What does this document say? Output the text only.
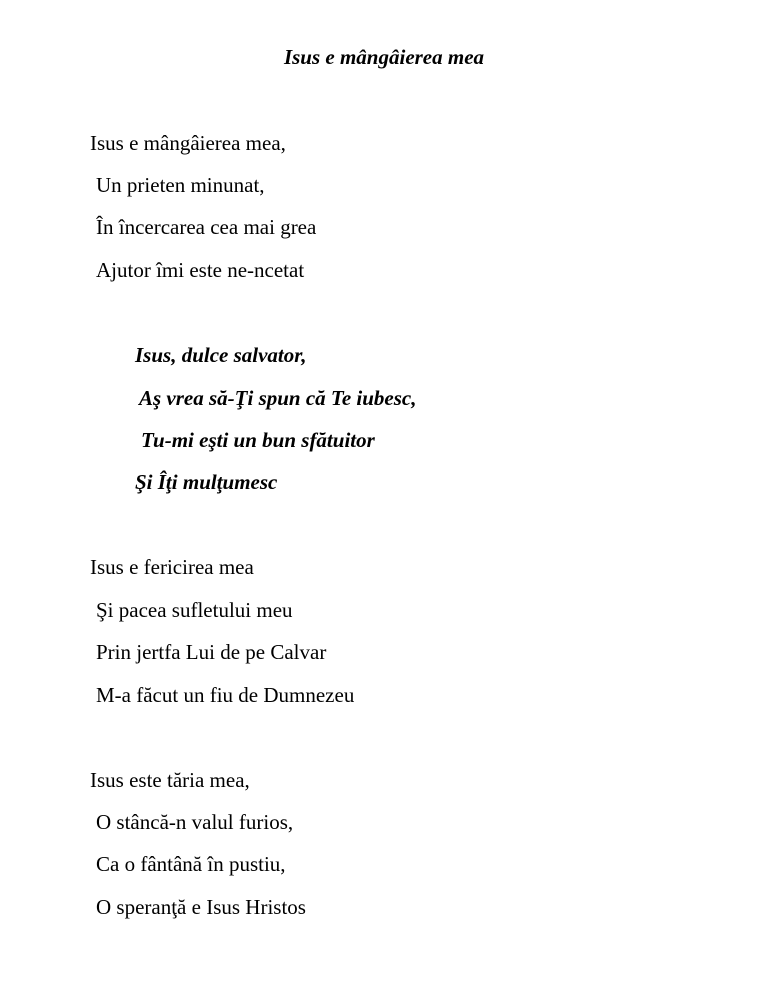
Isus e mângâierea mea

Isus e mângâierea mea,

Un prieten minunat,

În încercarea cea mai grea

Ajutor îmi este ne-ncetat

Isus, dulce salvator,

Aş vrea să-Ţi spun că Te iubesc,

Tu-mi eşti un bun sfătuitor

Şi Îţi mulţumesc

Isus e fericirea mea

Şi pacea sufletului meu

Prin jertfa Lui de pe Calvar

M-a făcut un fiu de Dumnezeu

Isus este tăria mea,

O stâncă-n valul furios,

Ca o fântână în pustiu,

O speranţă e Isus Hristos
